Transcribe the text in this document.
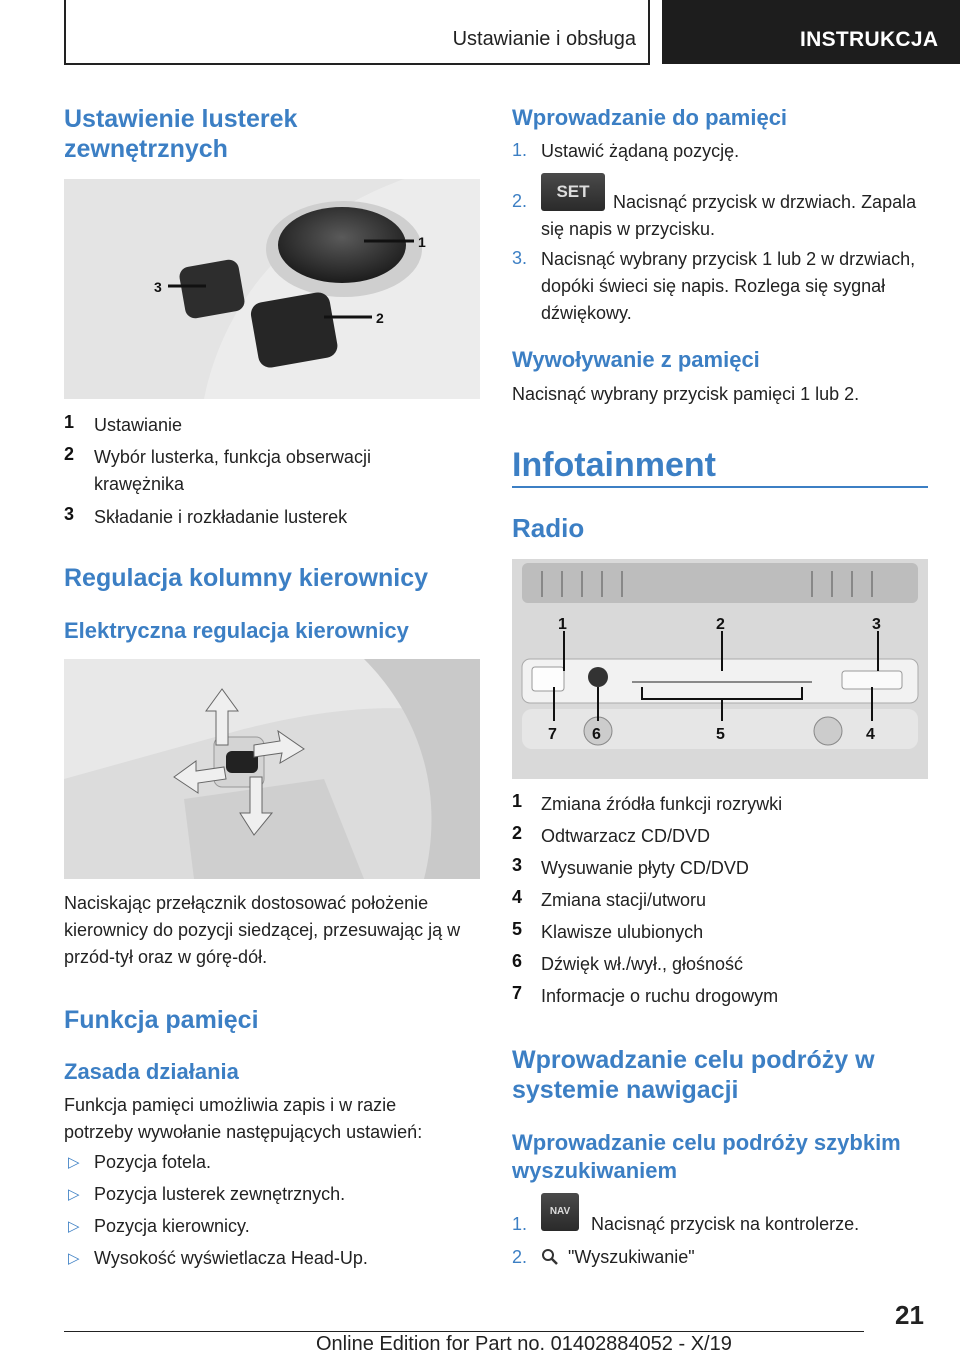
Ustawianie i obsługa	INSTRUKCJA
Ustawienie lusterek zewnętrznych
1
2
3
1 Ustawianie
2 Wybór lusterka, funkcja obserwacji krawężnika
3 Składanie i rozkładanie lusterek
Regulacja kolumny kierownicy
Elektryczna regulacja kierownicy
Naciskając przełącznik dostosować położenie kierownicy do pozycji siedzącej, przesuwając ją w przód-tył oraz w górę-dół.
Funkcja pamięci
Zasada działania
Funkcja pamięci umożliwia zapis i w razie potrzeby wywołanie następujących ustawień:
▷ Pozycja fotela.
▷ Pozycja lusterek zewnętrznych.
▷ Pozycja kierownicy.
▷ Wysokość wyświetlacza Head-Up.
Wprowadzanie do pamięci
1. Ustawić żądaną pozycję.
2.	SET
Nacisnąć przycisk w drzwiach. Zapala się napis w przycisku.
3. Nacisnąć wybrany przycisk 1 lub 2 w drzwiach, dopóki świeci się napis. Rozlega się sygnał dźwiękowy.
Wywoływanie z pamięci
Nacisnąć wybrany przycisk pamięci 1 lub 2.
Infotainment
Radio
1	2	3
7 6	5	4
1 Zmiana źródła funkcji rozrywki
2 Odtwarzacz CD/DVD
3 Wysuwanie płyty CD/DVD
4 Zmiana stacji/utworu
5 Klawisze ulubionych
6 Dźwięk wł./wył., głośność
7 Informacje o ruchu drogowym
Wprowadzanie celu podróży w systemie nawigacji
Wprowadzanie celu podróży szybkim wyszukiwaniem
1.
NAV
Nacisnąć przycisk na kontrolerze.
2. "Wyszukiwanie"
21
Online Edition for Part no. 01402884052 - X/19
